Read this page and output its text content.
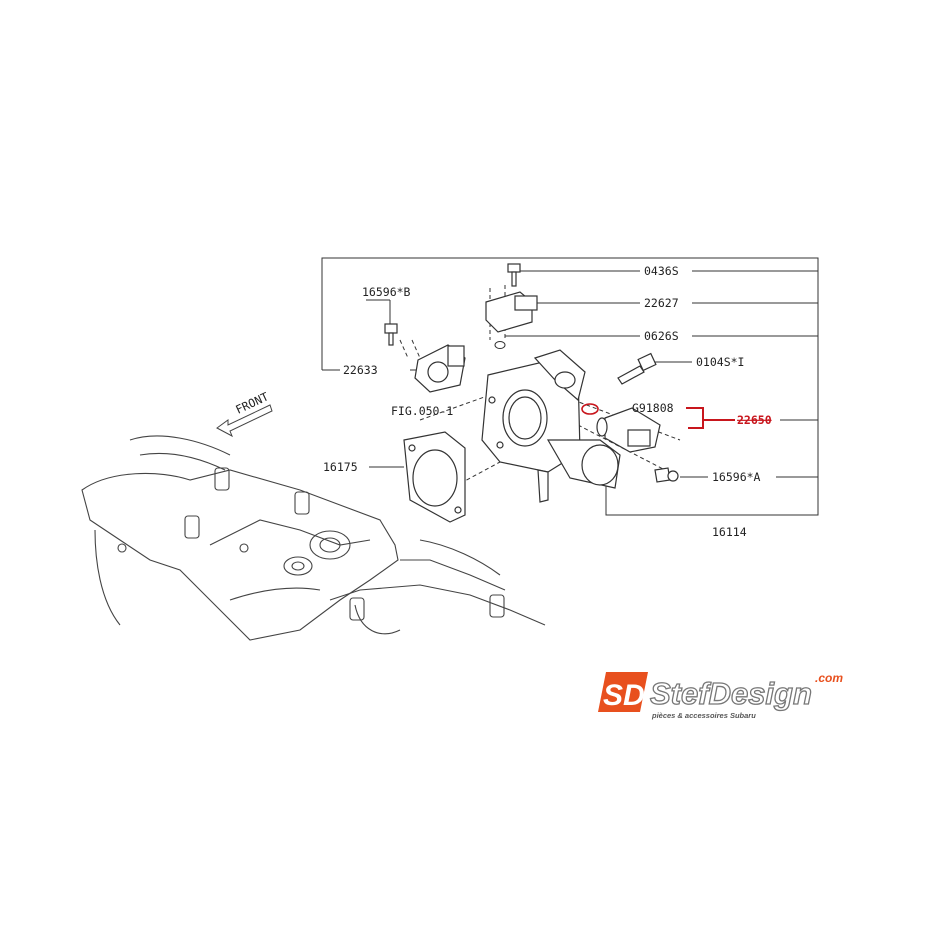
FRONT
0436S
22627
0626S
0104S*I
G91808
22650
16596*A
16114
16596*B
22633
FIG.050-1
16175
SD StefDesign .com
pièces & accessoires Subaru
